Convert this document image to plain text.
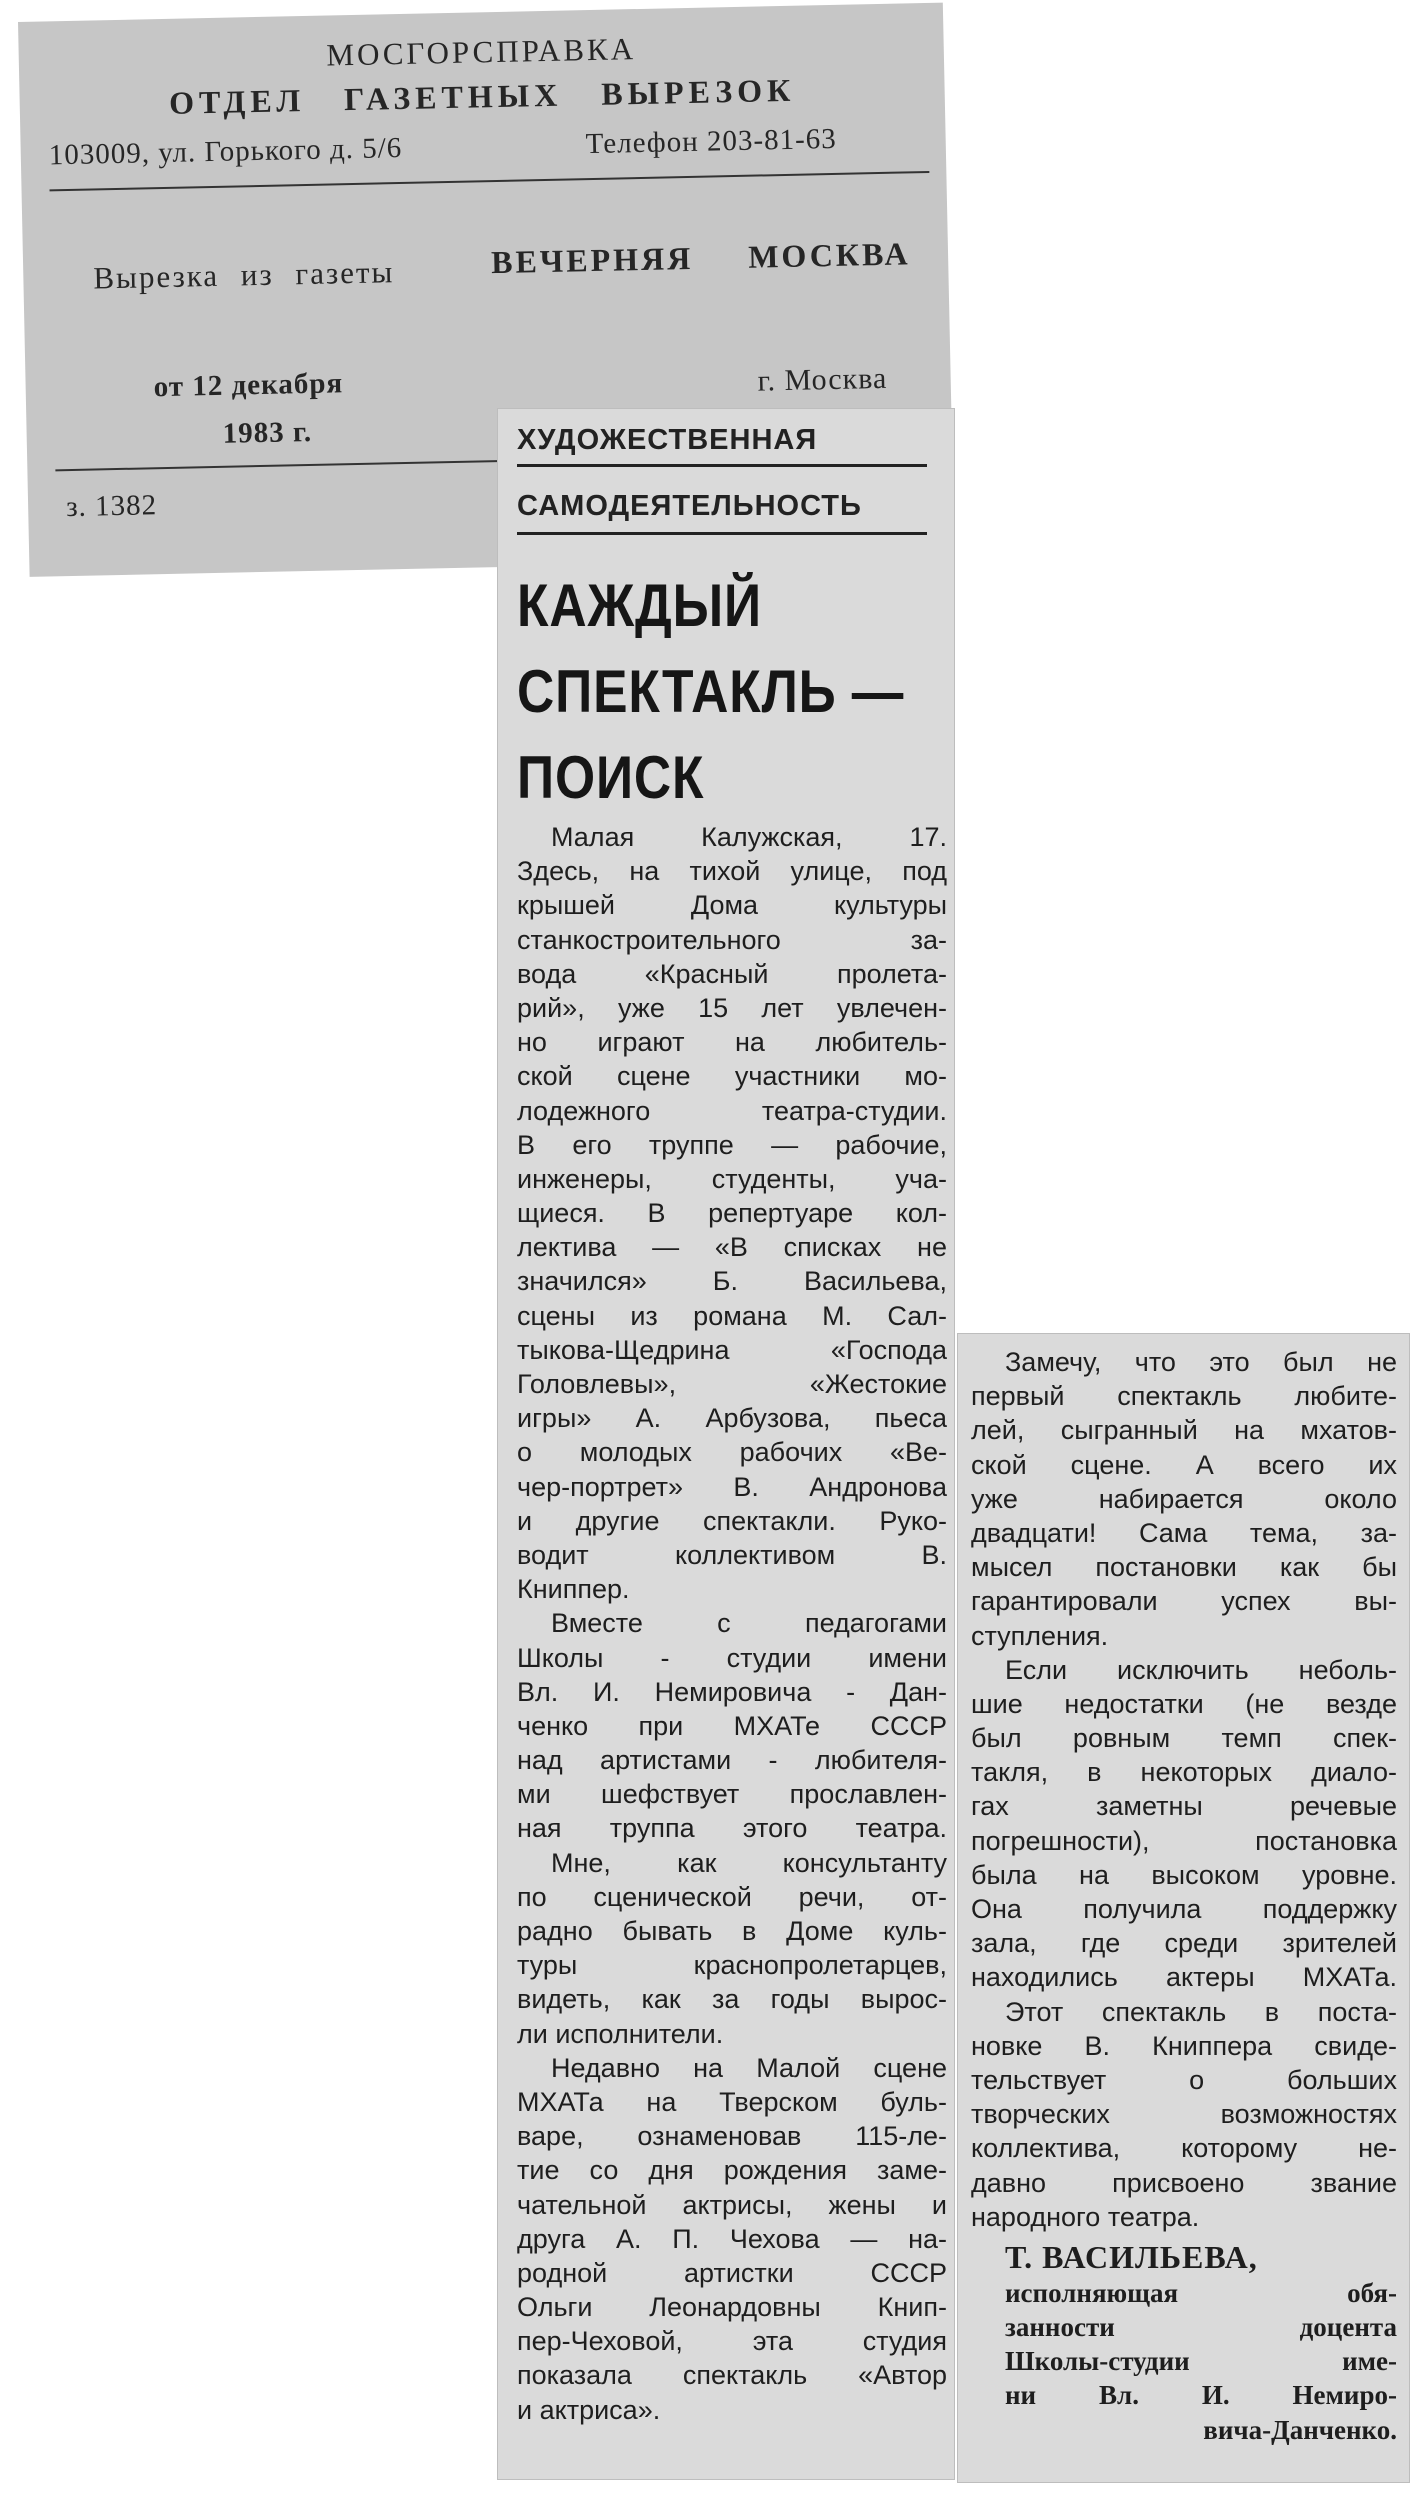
МОСГОРСПРАВКА
ОТДЕЛ ГАЗЕТНЫХ ВЫРЕЗОК
103009, ул. Горького д. 5/6	Телефон 203-81-63
Вырезка из газеты	ВЕЧЕРНЯЯ МОСКВА
от 12 декабря
1983 г.
г. Москва
з. 1382
ХУДОЖЕСТВЕННАЯ
САМОДЕЯТЕЛЬНОСТЬ
КАЖДЫЙ
СПЕКТАКЛЬ —
ПОИСК
Малая Калужская, 17.
Здесь, на тихой улице, под
крышей Дома культуры
станкостроительного за-
вода «Красный пролета-
рий», уже 15 лет увлечен-
но играют на любитель-
ской сцене участники мо-
лодежного театра-студии.
В его труппе — рабочие,
инженеры, студенты, уча-
щиеся. В репертуаре кол-
лектива — «В списках не
значился» Б. Васильева,
сцены из романа М. Сал-
тыкова-Щедрина «Господа
Головлевы», «Жестокие
игры» А. Арбузова, пьеса
о молодых рабочих «Ве-
чер-портрет» В. Андронова
и другие спектакли. Руко-
водит коллективом В.
Книппер.
Вместе с педагогами
Школы - студии имени
Вл. И. Немировича - Дан-
ченко при МХАТе СССР
над артистами - любителя-
ми шефствует прославлен-
ная труппа этого театра.
Мне, как консультанту
по сценической речи, от-
радно бывать в Доме куль-
туры краснопролетарцев,
видеть, как за годы вырос-
ли исполнители.
Недавно на Малой сцене
МХАТа на Тверском буль-
варе, ознаменовав 115-ле-
тие со дня рождения заме-
чательной актрисы, жены и
друга А. П. Чехова — на-
родной артистки СССР
Ольги Леонардовны Книп-
пер-Чеховой, эта студия
показала спектакль «Автор
и актриса».
Замечу, что это был не
первый спектакль любите-
лей, сыгранный на мхатов-
ской сцене. А всего их
уже набирается около
двадцати! Сама тема, за-
мысел постановки как бы
гарантировали успех вы-
ступления.
Если исключить неболь-
шие недостатки (не везде
был ровным темп спек-
такля, в некоторых диало-
гах заметны речевые
погрешности), постановка
была на высоком уровне.
Она получила поддержку
зала, где среди зрителей
находились актеры МХАТа.
Этот спектакль в поста-
новке В. Книппера свиде-
тельствует о больших
творческих возможностях
коллектива, которому не-
давно присвоено звание
народного театра.
Т. ВАСИЛЬЕВА,
исполняющая обя-
занности доцента
Школы-студии име-
ни Вл. И. Немиро-
вича-Данченко.
